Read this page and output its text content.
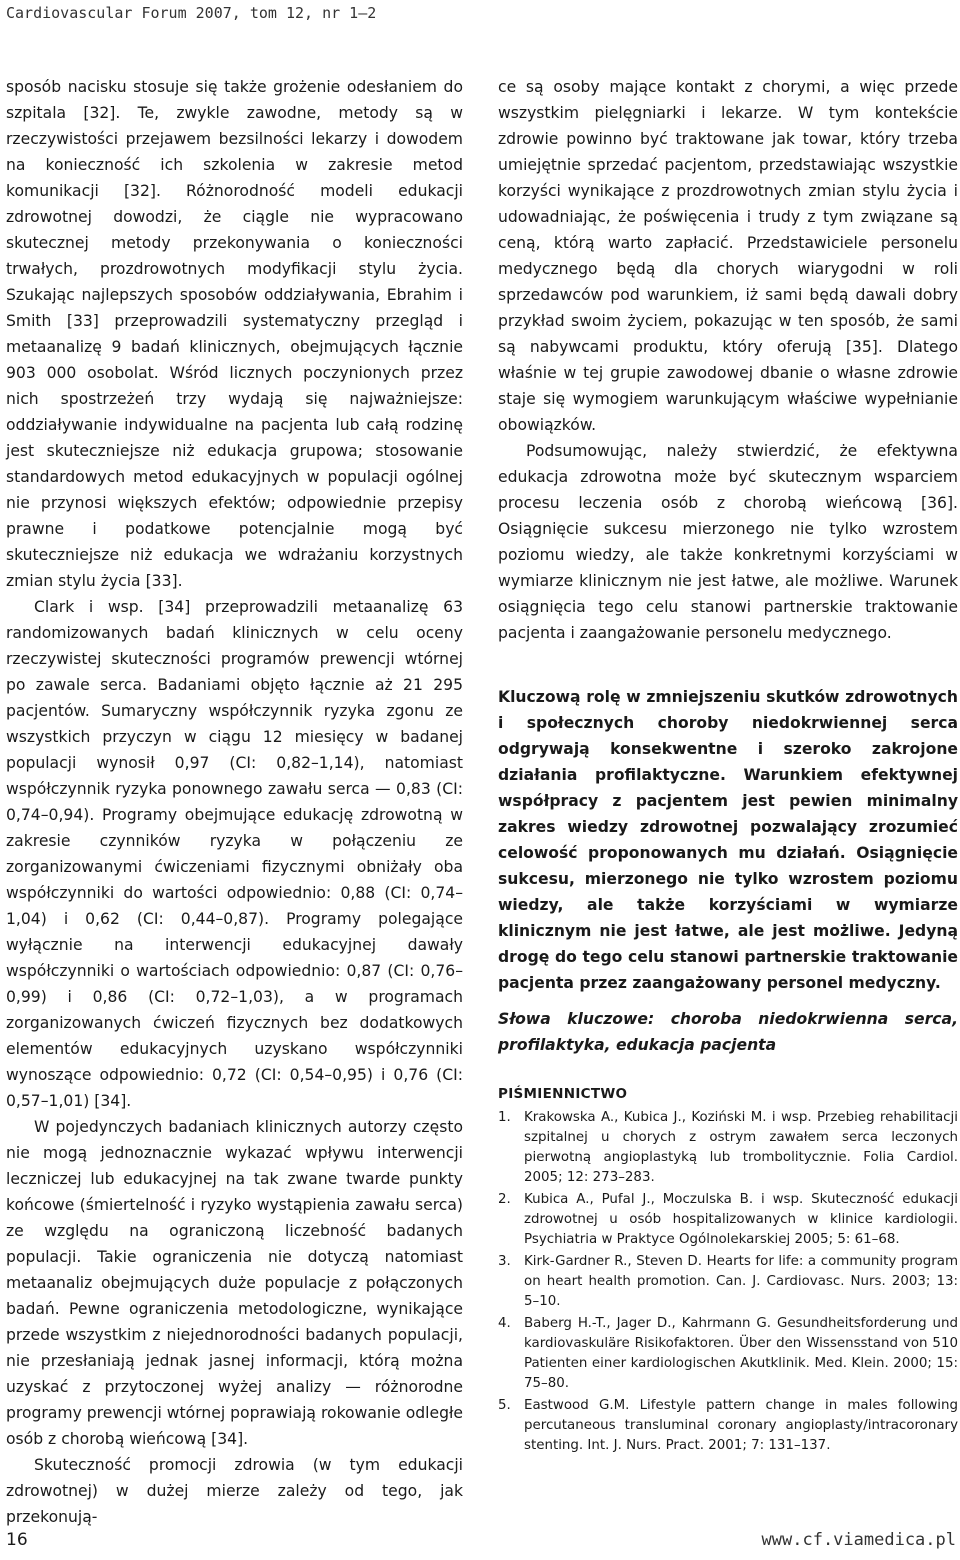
Cardiovascular Forum 2007, tom 12, nr 1–2

sposób nacisku stosuje się także grożenie odesłaniem do szpitala [32]. Te, zwykle zawodne, metody są w rzeczywistości przejawem bezsilności lekarzy i dowodem na konieczność ich szkolenia w zakresie metod komunikacji [32]. Różnorodność modeli edukacji zdrowotnej dowodzi, że ciągle nie wypracowano skutecznej metody przekonywania o konieczności trwałych, prozdrowotnych modyfikacji stylu życia. Szukając najlepszych sposobów oddziaływania, Ebrahim i Smith [33] przeprowadzili systematyczny przegląd i metaanalizę 9 badań klinicznych, obejmujących łącznie 903 000 osobolat. Wśród licznych poczynionych przez nich spostrzeżeń trzy wydają się najważniejsze: oddziaływanie indywidualne na pacjenta lub całą rodzinę jest skuteczniejsze niż edukacja grupowa; stosowanie standardowych metod edukacyjnych w populacji ogólnej nie przynosi większych efektów; odpowiednie przepisy prawne i podatkowe potencjalnie mogą być skuteczniejsze niż edukacja we wdrażaniu korzystnych zmian stylu życia [33].

Clark i wsp. [34] przeprowadzili metaanalizę 63 randomizowanych badań klinicznych w celu oceny rzeczywistej skuteczności programów prewencji wtórnej po zawale serca. Badaniami objęto łącznie aż 21 295 pacjentów. Sumaryczny współczynnik ryzyka zgonu ze wszystkich przyczyn w ciągu 12 miesięcy w badanej populacji wynosił 0,97 (CI: 0,82–1,14), natomiast współczynnik ryzyka ponownego zawału serca — 0,83 (CI: 0,74–0,94). Programy obejmujące edukację zdrowotną w zakresie czynników ryzyka w połączeniu ze zorganizowanymi ćwiczeniami fizycznymi obniżały oba współczynniki do wartości odpowiednio: 0,88 (CI: 0,74–1,04) i 0,62 (CI: 0,44–0,87). Programy polegające wyłącznie na interwencji edukacyjnej dawały współczynniki o wartościach odpowiednio: 0,87 (CI: 0,76–0,99) i 0,86 (CI: 0,72–1,03), a w programach zorganizowanych ćwiczeń fizycznych bez dodatkowych elementów edukacyjnych uzyskano współczynniki wynoszące odpowiednio: 0,72 (CI: 0,54–0,95) i 0,76 (CI: 0,57–1,01) [34].

W pojedynczych badaniach klinicznych autorzy często nie mogą jednoznacznie wykazać wpływu interwencji leczniczej lub edukacyjnej na tak zwane twarde punkty końcowe (śmiertelność i ryzyko wystąpienia zawału serca) ze względu na ograniczoną liczebność badanych populacji. Takie ograniczenia nie dotyczą natomiast metaanaliz obejmujących duże populacje z połączonych badań. Pewne ograniczenia metodologiczne, wynikające przede wszystkim z niejednorodności badanych populacji, nie przesłaniają jednak jasnej informacji, którą można uzyskać z przytoczonej wyżej analizy — różnorodne programy prewencji wtórnej poprawiają rokowanie odległe osób z chorobą wieńcową [34].

Skuteczność promocji zdrowia (w tym edukacji zdrowotnej) w dużej mierze zależy od tego, jak przekonują-

ce są osoby mające kontakt z chorymi, a więc przede wszystkim pielęgniarki i lekarze. W tym kontekście zdrowie powinno być traktowane jak towar, który trzeba umiejętnie sprzedać pacjentom, przedstawiając wszystkie korzyści wynikające z prozdrowotnych zmian stylu życia i udowadniając, że poświęcenia i trudy z tym związane są ceną, którą warto zapłacić. Przedstawiciele personelu medycznego będą dla chorych wiarygodni w roli sprzedawców pod warunkiem, iż sami będą dawali dobry przykład swoim życiem, pokazując w ten sposób, że sami są nabywcami produktu, który oferują [35]. Dlatego właśnie w tej grupie zawodowej dbanie o własne zdrowie staje się wymogiem warunkującym właściwe wypełnianie obowiązków.

Podsumowując, należy stwierdzić, że efektywna edukacja zdrowotna może być skutecznym wsparciem procesu leczenia osób z chorobą wieńcową [36]. Osiągnięcie sukcesu mierzonego nie tylko wzrostem poziomu wiedzy, ale także konkretnymi korzyściami w wymiarze klinicznym nie jest łatwe, ale możliwe. Warunek osiągnięcia tego celu stanowi partnerskie traktowanie pacjenta i zaangażowanie personelu medycznego.

Kluczową rolę w zmniejszeniu skutków zdrowotnych i społecznych choroby niedokrwiennej serca odgrywają konsekwentne i szeroko zakrojone działania profilaktyczne. Warunkiem efektywnej współpracy z pacjentem jest pewien minimalny zakres wiedzy zdrowotnej pozwalający zrozumieć celowość proponowanych mu działań. Osiągnięcie sukcesu, mierzonego nie tylko wzrostem poziomu wiedzy, ale także korzyściami w wymiarze klinicznym nie jest łatwe, ale jest możliwe. Jedyną drogę do tego celu stanowi partnerskie traktowanie pacjenta przez zaangażowany personel medyczny.
Słowa kluczowe: choroba niedokrwienna serca, profilaktyka, edukacja pacjenta
PIŚMIENNICTWO
1. Krakowska A., Kubica J., Koziński M. i wsp. Przebieg rehabilitacji szpitalnej u chorych z ostrym zawałem serca leczonych pierwotną angioplastyką lub trombolitycznie. Folia Cardiol. 2005; 12: 273–283.
2. Kubica A., Pufal J., Moczulska B. i wsp. Skuteczność edukacji zdrowotnej u osób hospitalizowanych w klinice kardiologii. Psychiatria w Praktyce Ogólnolekarskiej 2005; 5: 61–68.
3. Kirk-Gardner R., Steven D. Hearts for life: a community program on heart health promotion. Can. J. Cardiovasc. Nurs. 2003; 13: 5–10.
4. Baberg H.-T., Jager D., Kahrmann G. Gesundheitsforderung und kardiovaskuläre Risikofaktoren. Über den Wissensstand von 510 Patienten einer kardiologischen Akutklinik. Med. Klein. 2000; 15: 75–80.
5. Eastwood G.M. Lifestyle pattern change in males following percutaneous transluminal coronary angioplasty/intracoronary stenting. Int. J. Nurs. Pract. 2001; 7: 131–137.
16	www.cf.viamedica.pl
